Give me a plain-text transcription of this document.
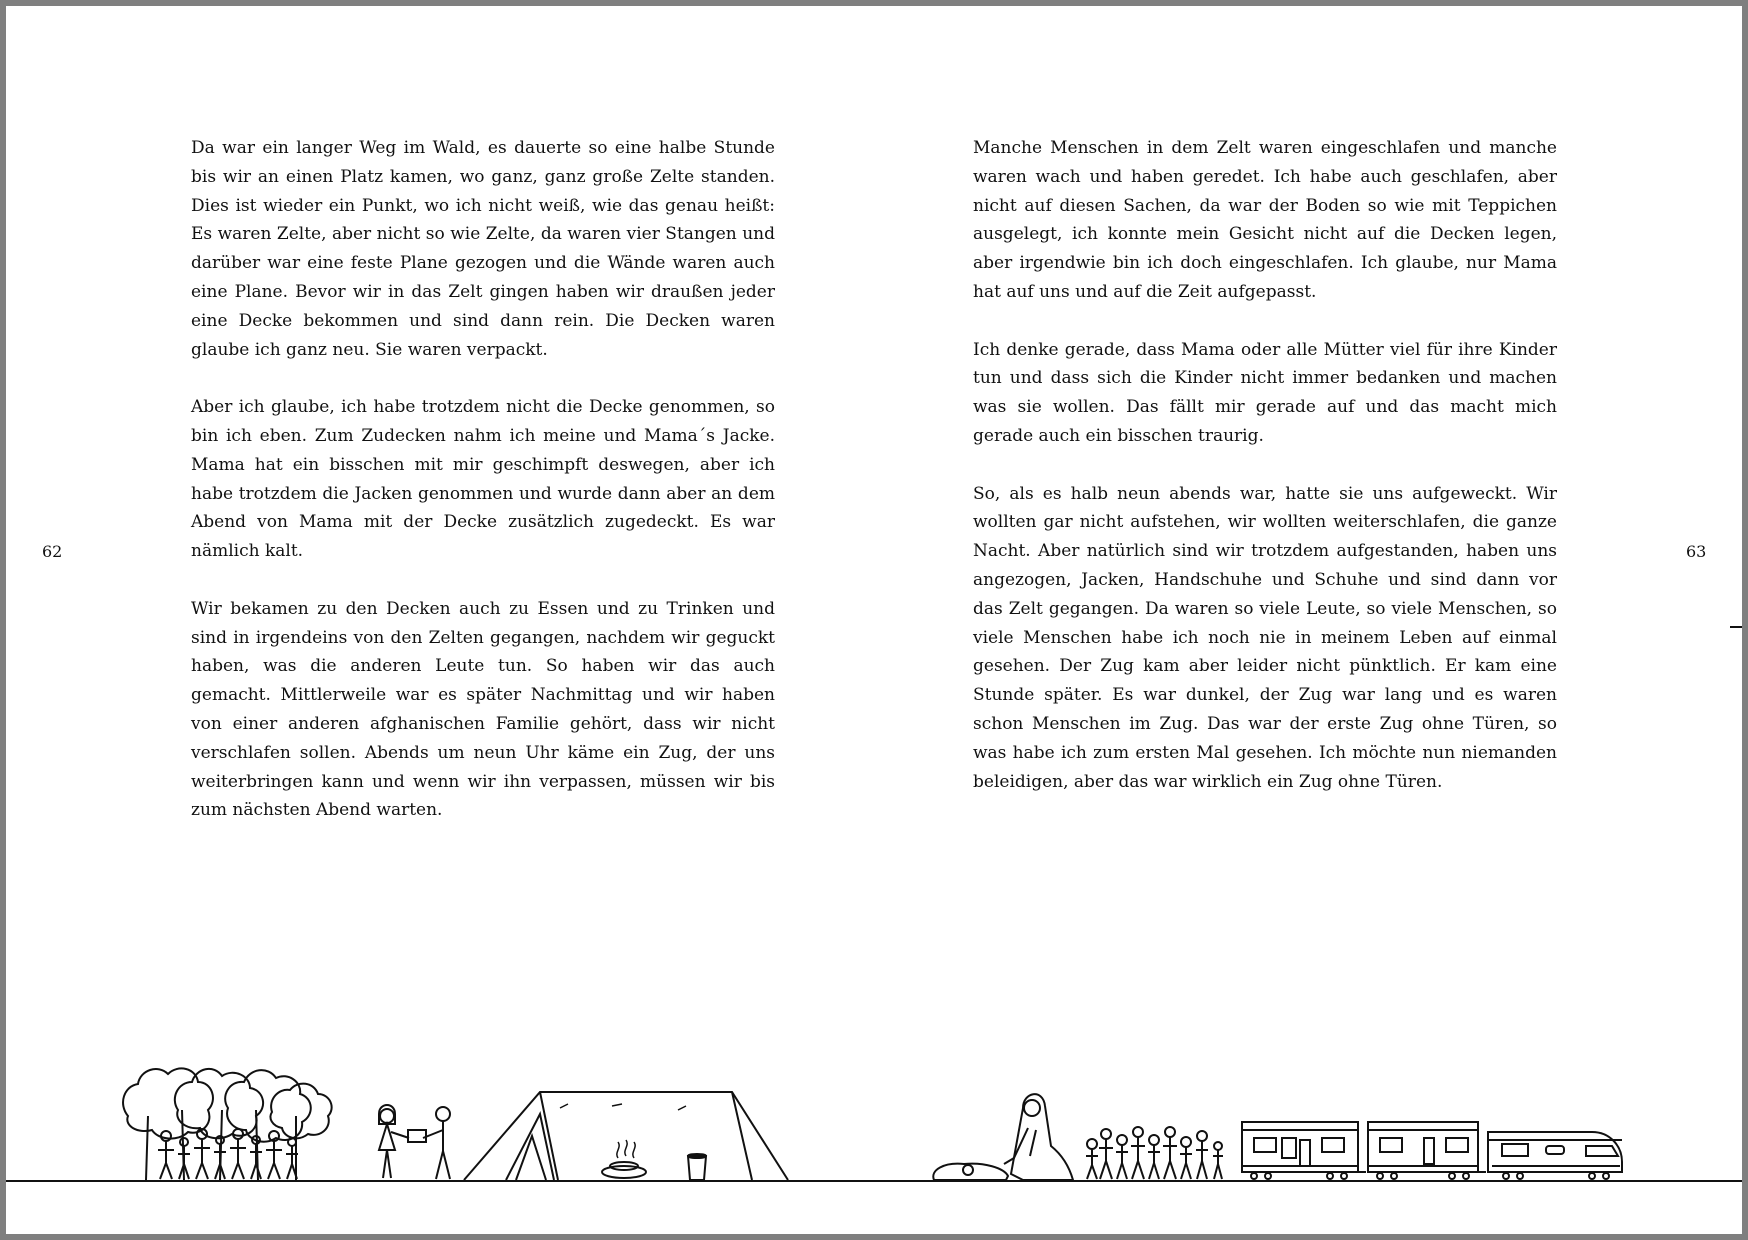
Da war ein langer Weg im Wald, es dauerte so eine halbe Stunde bis wir an einen Platz kamen, wo ganz, ganz große Zelte standen. Dies ist wieder ein Punkt, wo ich nicht weiß, wie das genau heißt: Es waren Zelte, aber nicht so wie Zelte, da waren vier Stangen und darüber war eine feste Plane gezogen und die Wände waren auch eine Plane. Bevor wir in das Zelt gingen haben wir draußen jeder eine Decke bekommen und sind dann rein. Die Decken waren glaube ich ganz neu. Sie waren verpackt.

Aber ich glaube, ich habe trotzdem nicht die Decke genommen, so bin ich eben. Zum Zudecken nahm ich meine und Mama´s Jacke. Mama hat ein bisschen mit mir geschimpft deswegen, aber ich habe trotzdem die Jacken genommen und wurde dann aber an dem Abend von Mama mit der Decke zusätzlich zugedeckt. Es war nämlich kalt.

Wir bekamen zu den Decken auch zu Essen und zu Trinken und sind in irgendeins von den Zelten gegangen, nachdem wir geguckt haben, was die anderen Leute tun. So haben wir das auch gemacht. Mittlerweile war es später Nachmittag und wir haben von einer anderen afghanischen Familie gehört, dass wir nicht verschlafen sollen. Abends um neun Uhr käme ein Zug, der uns weiterbringen kann und wenn wir ihn verpassen, müssen wir bis zum nächsten Abend warten.

Manche Menschen in dem Zelt waren eingeschlafen und manche waren wach und haben geredet. Ich habe auch geschlafen, aber nicht auf diesen Sachen, da war der Boden so wie mit Teppichen ausgelegt, ich konnte mein Gesicht nicht auf die Decken legen, aber irgendwie bin ich doch eingeschlafen. Ich glaube, nur Mama hat auf uns und auf die Zeit aufgepasst.

Ich denke gerade, dass Mama oder alle Mütter viel für ihre Kinder tun und dass sich die Kinder nicht immer bedanken und machen was sie wollen. Das fällt mir gerade auf und das macht mich gerade auch ein bisschen traurig.

So, als es halb neun abends war, hatte sie uns aufgeweckt. Wir wollten gar nicht aufstehen, wir wollten weiterschlafen, die ganze Nacht. Aber natürlich sind wir trotzdem aufgestanden, haben uns angezogen, Jacken, Handschuhe und Schuhe und sind dann vor das Zelt gegangen. Da waren so viele Leute, so viele Menschen, so viele Menschen habe ich noch nie in meinem Leben auf einmal gesehen. Der Zug kam aber leider nicht pünktlich. Er kam eine Stunde später. Es war dunkel, der Zug war lang und es waren schon Menschen im Zug. Das war der erste Zug ohne Türen, so was habe ich zum ersten Mal gesehen. Ich möchte nun niemanden beleidigen, aber das war wirklich ein Zug ohne Türen.

62	63
